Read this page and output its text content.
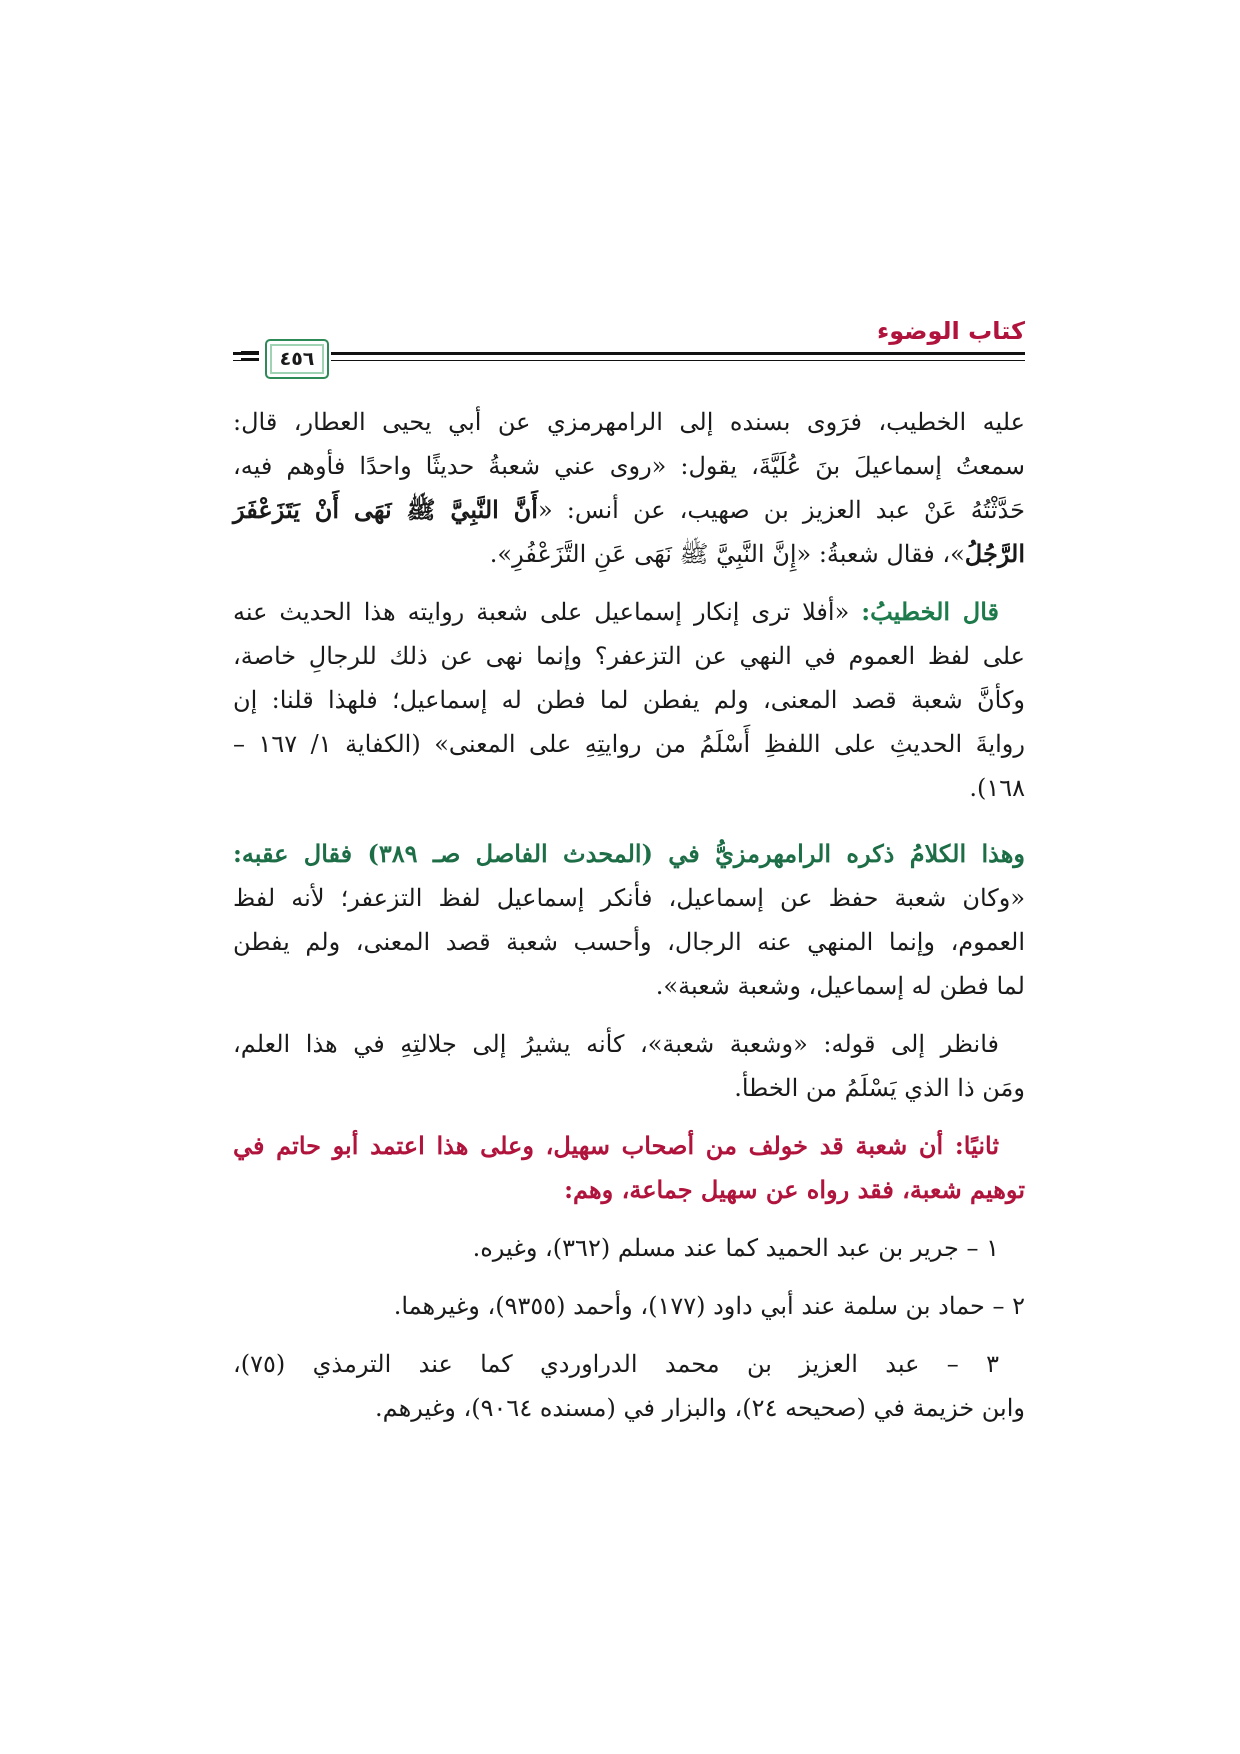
كتاب الوضوء
٤٥٦
عليه الخطيب، فرَوى بسنده إلى الرامهرمزي عن أبي يحيى العطار، قال:
سمعتُ إسماعيلَ بنَ عُلَيَّةَ، يقول: «روى عني شعبةُ حديثًا واحدًا فأوهم فيه،
حَدَّثْتُهُ عَنْ عبد العزيز بن صهيب، عن أنس: «أَنَّ النَّبِيَّ ﷺ نَهَى أَنْ يَتَزَعْفَرَ
الرَّجُلُ»، فقال شعبةُ: «إِنَّ النَّبِيَّ ﷺ نَهَى عَنِ التَّزَعْفُرِ».
قال الخطيبُ: «أفلا ترى إنكار إسماعيل على شعبة روايته هذا الحديث عنه
على لفظ العموم في النهي عن التزعفر؟ وإنما نهى عن ذلك للرجالِ خاصة،
وكأنَّ شعبة قصد المعنى، ولم يفطن لما فطن له إسماعيل؛ فلهذا قلنا: إن
روايةَ الحديثِ على اللفظِ أَسْلَمُ من روايتِهِ على المعنى» (الكفاية ١/ ١٦٧ –
١٦٨).
وهذا الكلامُ ذكره الرامهرمزيُّ في (المحدث الفاصل صـ ٣٨٩) فقال عقبه:
«وكان شعبة حفظ عن إسماعيل، فأنكر إسماعيل لفظ التزعفر؛ لأنه لفظ
العموم، وإنما المنهي عنه الرجال، وأحسب شعبة قصد المعنى، ولم يفطن
لما فطن له إسماعيل، وشعبة شعبة».
فانظر إلى قوله: «وشعبة شعبة»، كأنه يشيرُ إلى جلالتِهِ في هذا العلم،
ومَن ذا الذي يَسْلَمُ من الخطأ.
ثانيًا: أن شعبة قد خولف من أصحاب سهيل، وعلى هذا اعتمد أبو حاتم في
توهيم شعبة، فقد رواه عن سهيل جماعة، وهم:
١ – جرير بن عبد الحميد كما عند مسلم (٣٦٢)، وغيره.
٢ – حماد بن سلمة عند أبي داود (١٧٧)، وأحمد (٩٣٥٥)، وغيرهما.
٣ – عبد العزيز بن محمد الدراوردي كما عند الترمذي (٧٥)،
وابن خزيمة في (صحيحه ٢٤)، والبزار في (مسنده ٩٠٦٤)، وغيرهم.
